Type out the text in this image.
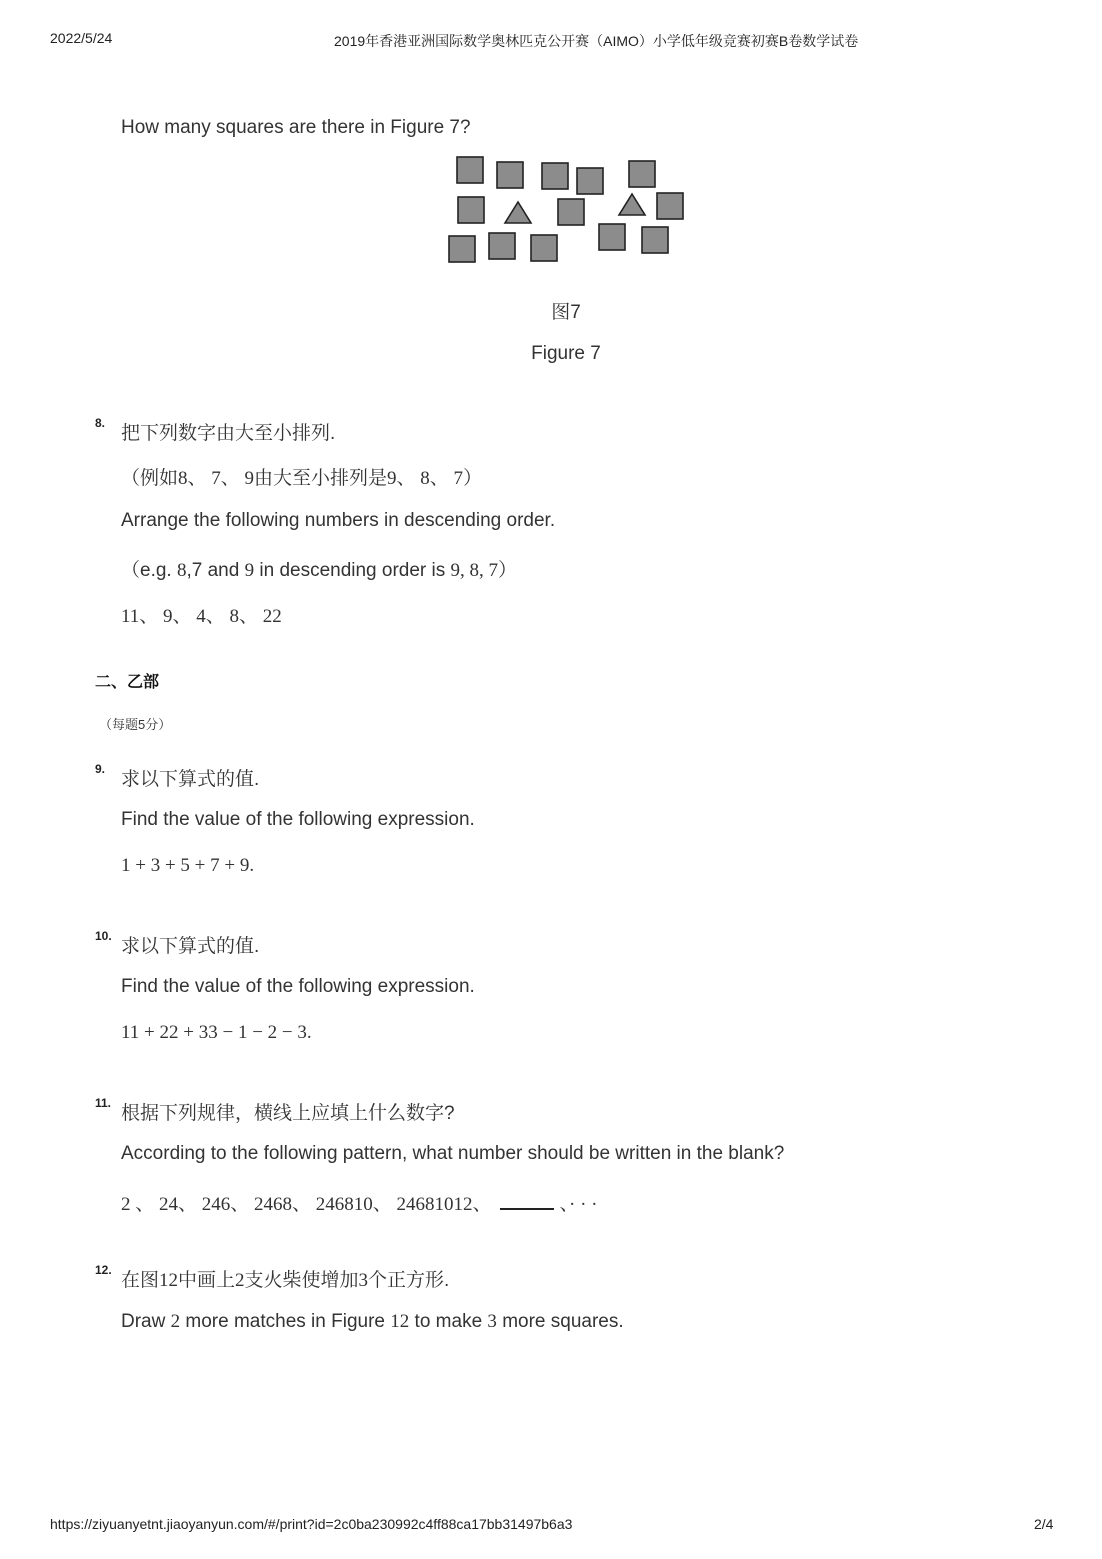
2022/5/24	2019年香港亚洲国际数学奥林匹克公开赛（AIMO）小学低年级竞赛初赛B卷数学试卷
How many squares are there in Figure 7?
图7
Figure 7
8. 把下列数字由大至小排列.
（例如8、 7、 9由大至小排列是9、 8、 7）
Arrange the following numbers in descending order.
（e.g. 8,7 and 9 in descending order is 9, 8, 7）
11、 9、 4、 8、 22
二、乙部
（每题5分）
9. 求以下算式的值.
Find the value of the following expression.
1 + 3 + 5 + 7 + 9.
10. 求以下算式的值.
Find the value of the following expression.
11 + 22 + 33 − 1 − 2 − 3.
11. 根据下列规律，横线上应填上什么数字?
According to the following pattern, what number should be written in the blank?
2 、 24、 246、 2468、 246810、 24681012、	、· · ·
12. 在图12中画上2支火柴使增加3个正方形.
Draw 2 more matches in Figure 12 to make 3 more squares.
https://ziyuanyetnt.jiaoyanyun.com/#/print?id=2c0ba230992c4ff88ca17bb31497b6a3	2/4
